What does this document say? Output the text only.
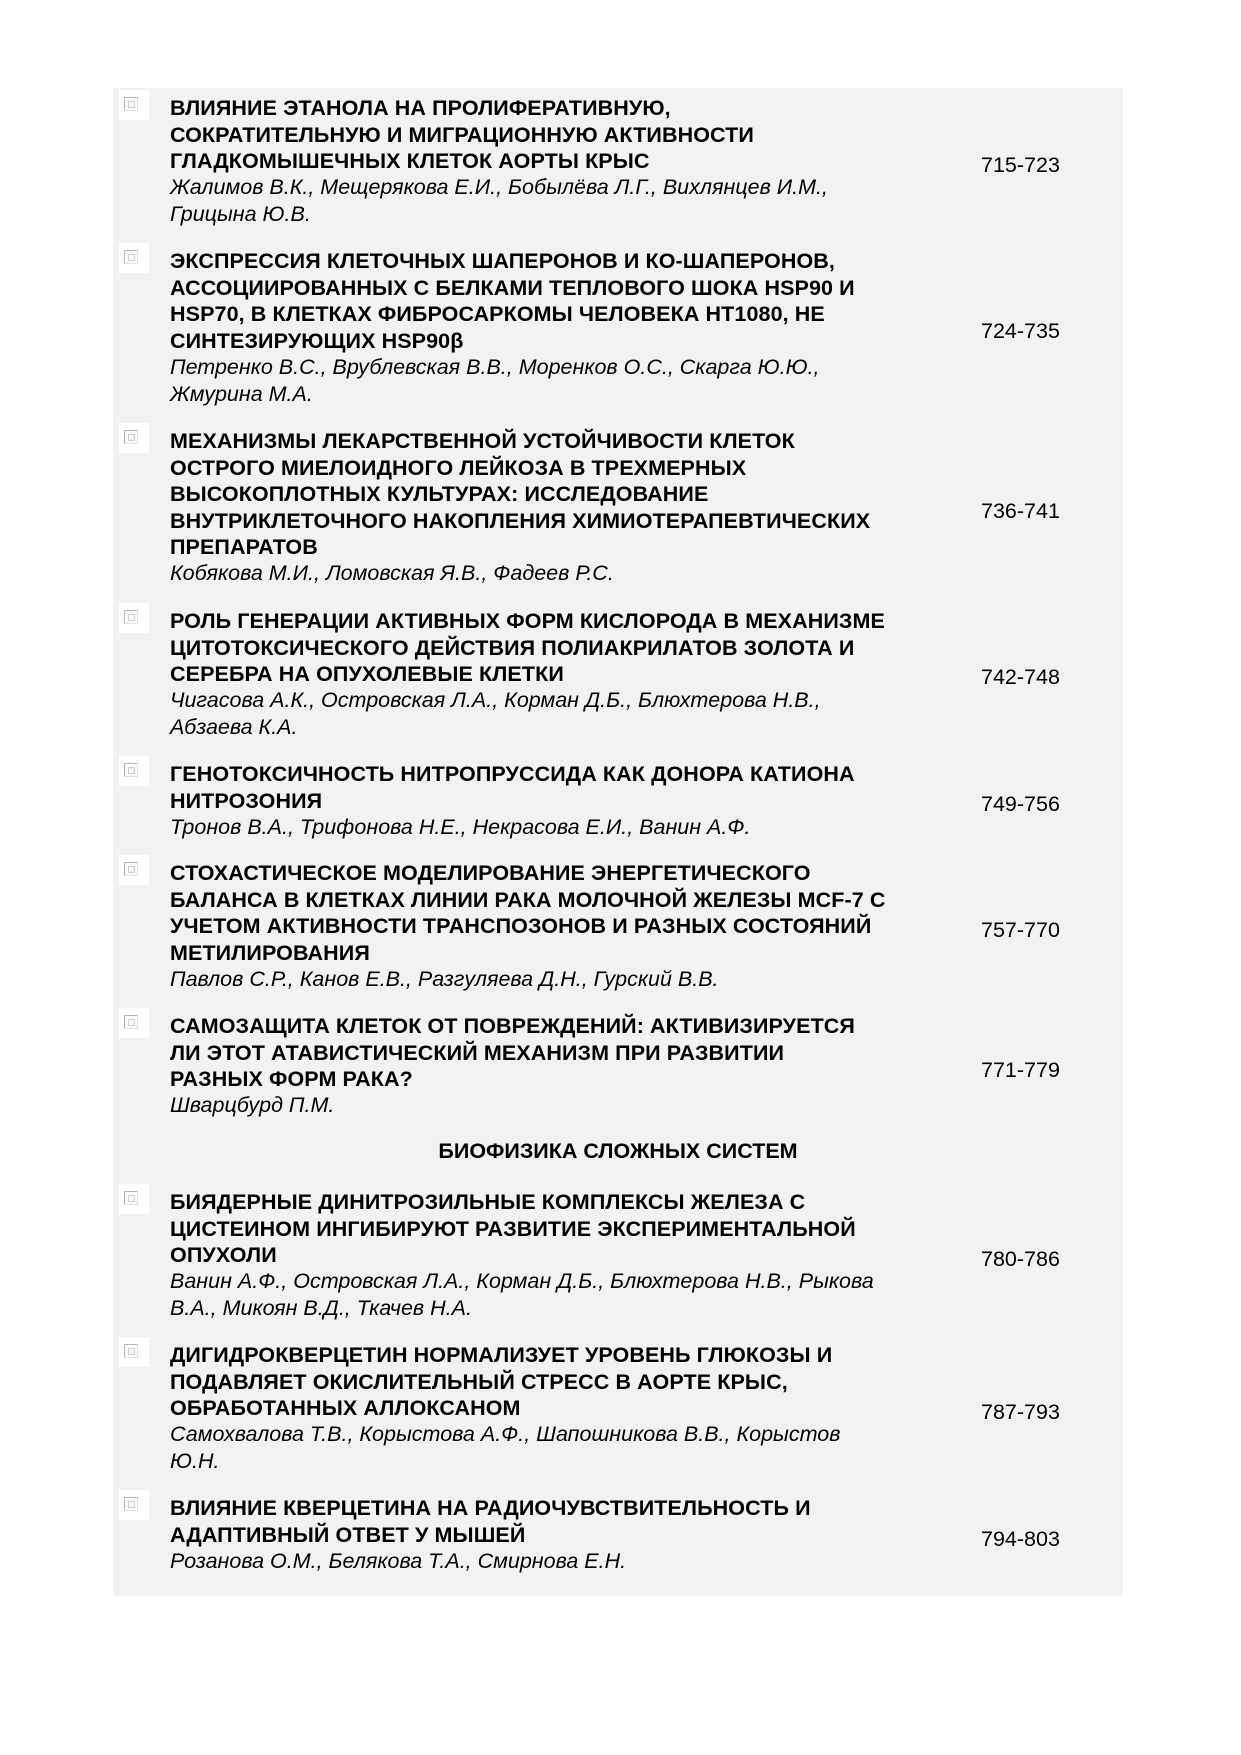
ВЛИЯНИЕ ЭТАНОЛА НА ПРОЛИФЕРАТИВНУЮ,
СОКРАТИТЕЛЬНУЮ И МИГРАЦИОННУЮ АКТИВНОСТИ
ГЛАДКОМЫШЕЧНЫХ КЛЕТОК АОРТЫ КРЫС
Жалимов В.К., Мещерякова Е.И., Бобылёва Л.Г., Вихлянцев И.М.,
Грицына Ю.В.
715-723
ЭКСПРЕССИЯ КЛЕТОЧНЫХ ШАПЕРОНОВ И КО-ШАПЕРОНОВ,
АССОЦИИРОВАННЫХ С БЕЛКАМИ ТЕПЛОВОГО ШОКА HSP90 И
HSP70, В КЛЕТКАХ ФИБРОСАРКОМЫ ЧЕЛОВЕКА HT1080, НЕ
СИНТЕЗИРУЮЩИХ HSP90β
Петренко В.С., Врублевская В.В., Моренков О.С., Скарга Ю.Ю.,
Жмурина М.А.
724-735
МЕХАНИЗМЫ ЛЕКАРСТВЕННОЙ УСТОЙЧИВОСТИ КЛЕТОК
ОСТРОГО МИЕЛОИДНОГО ЛЕЙКОЗА В ТРЕХМЕРНЫХ
ВЫСОКОПЛОТНЫХ КУЛЬТУРАХ: ИССЛЕДОВАНИЕ
ВНУТРИКЛЕТОЧНОГО НАКОПЛЕНИЯ ХИМИОТЕРАПЕВТИЧЕСКИХ
ПРЕПАРАТОВ
Кобякова М.И., Ломовская Я.В., Фадеев Р.С.
736-741
РОЛЬ ГЕНЕРАЦИИ АКТИВНЫХ ФОРМ КИСЛОРОДА В МЕХАНИЗМЕ
ЦИТОТОКСИЧЕСКОГО ДЕЙСТВИЯ ПОЛИАКРИЛАТОВ ЗОЛОТА И
СЕРЕБРА НА ОПУХОЛЕВЫЕ КЛЕТКИ
Чигасова А.К., Островская Л.А., Корман Д.Б., Блюхтерова Н.В.,
Абзаева К.А.
742-748
ГЕНОТОКСИЧНОСТЬ НИТРОПРУССИДА КАК ДОНОРА КАТИОНА
НИТРОЗОНИЯ
Тронов В.А., Трифонова Н.Е., Некрасова Е.И., Ванин А.Ф.
749-756
СТОХАСТИЧЕСКОЕ МОДЕЛИРОВАНИЕ ЭНЕРГЕТИЧЕСКОГО
БАЛАНСА В КЛЕТКАХ ЛИНИИ РАКА МОЛОЧНОЙ ЖЕЛЕЗЫ MCF-7 С
УЧЕТОМ АКТИВНОСТИ ТРАНСПОЗОНОВ И РАЗНЫХ СОСТОЯНИЙ
МЕТИЛИРОВАНИЯ
Павлов С.Р., Канов Е.В., Разгуляева Д.Н., Гурский В.В.
757-770
САМОЗАЩИТА КЛЕТОК ОТ ПОВРЕЖДЕНИЙ: АКТИВИЗИРУЕТСЯ
ЛИ ЭТОТ АТАВИСТИЧЕСКИЙ МЕХАНИЗМ ПРИ РАЗВИТИИ
РАЗНЫХ ФОРМ РАКА?
Шварцбурд П.М.
771-779
БИОФИЗИКА СЛОЖНЫХ СИСТЕМ
БИЯДЕРНЫЕ ДИНИТРОЗИЛЬНЫЕ КОМПЛЕКСЫ ЖЕЛЕЗА С
ЦИСТЕИНОМ ИНГИБИРУЮТ РАЗВИТИЕ ЭКСПЕРИМЕНТАЛЬНОЙ
ОПУХОЛИ
Ванин А.Ф., Островская Л.А., Корман Д.Б., Блюхтерова Н.В., Рыкова
В.А., Микоян В.Д., Ткачев Н.А.
780-786
ДИГИДРОКВЕРЦЕТИН НОРМАЛИЗУЕТ УРОВЕНЬ ГЛЮКОЗЫ И
ПОДАВЛЯЕТ ОКИСЛИТЕЛЬНЫЙ СТРЕСС В АОРТЕ КРЫС,
ОБРАБОТАННЫХ АЛЛОКСАНОМ
Самохвалова Т.В., Корыстова А.Ф., Шапошникова В.В., Корыстов
Ю.Н.
787-793
ВЛИЯНИЕ КВЕРЦЕТИНА НА РАДИОЧУВСТВИТЕЛЬНОСТЬ И
АДАПТИВНЫЙ ОТВЕТ У МЫШЕЙ
Розанова О.М., Белякова Т.А., Смирнова Е.Н.
794-803
